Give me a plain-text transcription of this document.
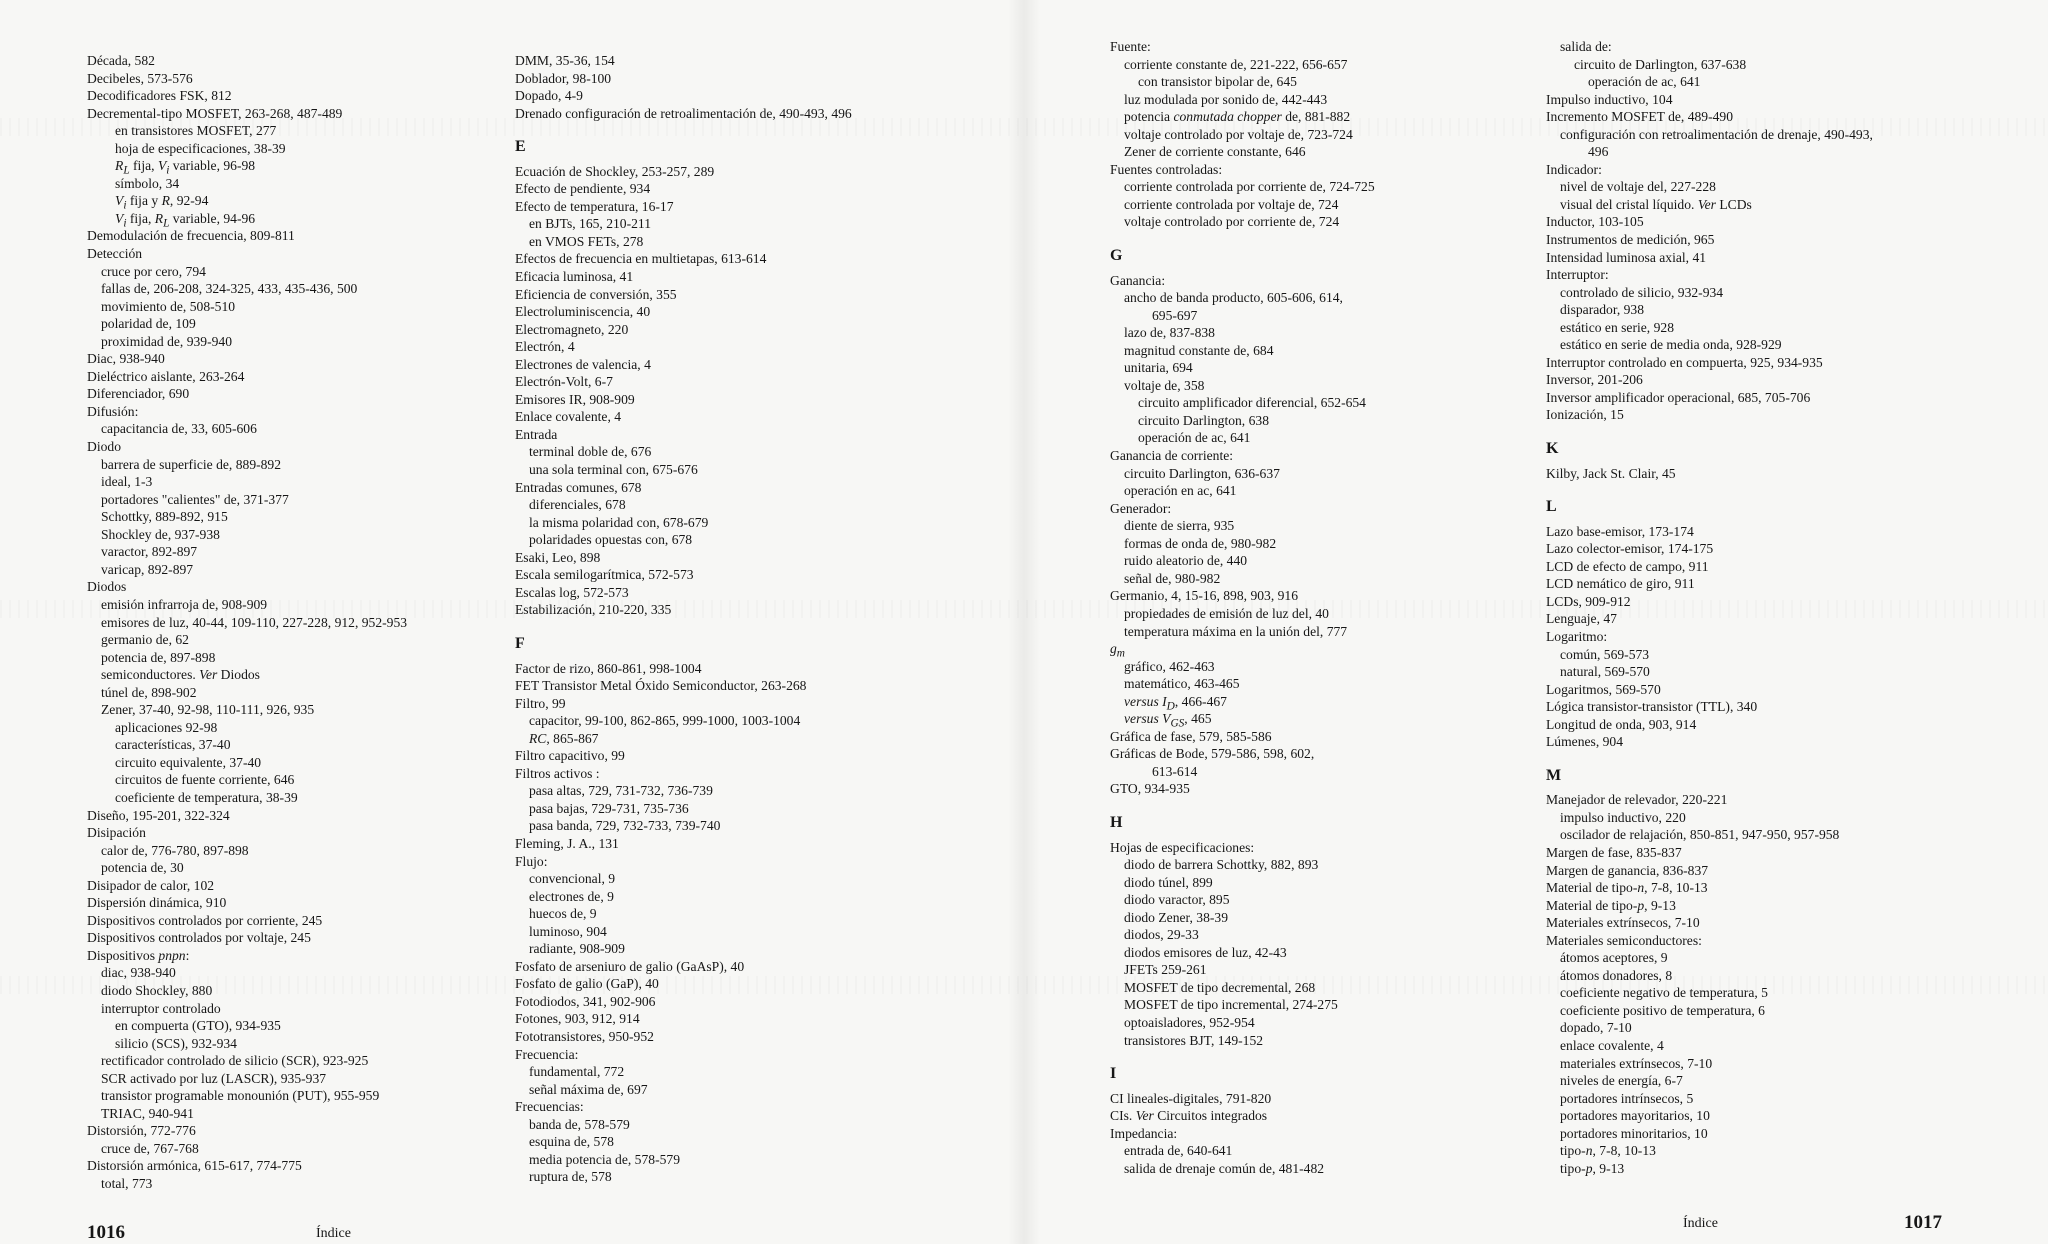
Década, 582
Decibeles, 573-576
Decodificadores FSK, 812
Decremental-tipo MOSFET, 263-268, 487-489
en transistores MOSFET, 277
hoja de especificaciones, 38-39
$R_L$ fija, $V_i$ variable, 96-98
símbolo, 34
$V_i$ fija y R, 92-94
$V_i$ fija, $R_L$ variable, 94-96
Demodulación de frecuencia, 809-811
Detección
cruce por cero, 794
fallas de, 206-208, 324-325, 433, 435-436, 500
movimiento de, 508-510
polaridad de, 109
proximidad de, 939-940
Diac, 938-940
Dieléctrico aislante, 263-264
Diferenciador, 690
Difusión:
capacitancia de, 33, 605-606
Diodo
barrera de superficie de, 889-892
ideal, 1-3
portadores "calientes" de, 371-377
Schottky, 889-892, 915
Shockley de, 937-938
varactor, 892-897
varicap, 892-897
Diodos
emisión infrarroja de, 908-909
emisores de luz, 40-44, 109-110, 227-228, 912, 952-953
germanio de, 62
potencia de, 897-898
semiconductores. Ver Diodos
túnel de, 898-902
Zener, 37-40, 92-98, 110-111, 926, 935
aplicaciones 92-98
características, 37-40
circuito equivalente, 37-40
circuitos de fuente corriente, 646
coeficiente de temperatura, 38-39
Diseño, 195-201, 322-324
Disipación
calor de, 776-780, 897-898
potencia de, 30
Disipador de calor, 102
Dispersión dinámica, 910
Dispositivos controlados por corriente, 245
Dispositivos controlados por voltaje, 245
Dispositivos pnpn:
diac, 938-940
diodo Shockley, 880
interruptor controlado
en compuerta (GTO), 934-935
silicio (SCS), 932-934
rectificador controlado de silicio (SCR), 923-925
SCR activado por luz (LASCR), 935-937
transistor programable monounión (PUT), 955-959
TRIAC, 940-941
Distorsión, 772-776
cruce de, 767-768
Distorsión armónica, 615-617, 774-775
total, 773
DMM, 35-36, 154
Doblador, 98-100
Dopado, 4-9
Drenado configuración de retroalimentación de, 490-493, 496
E
Ecuación de Shockley, 253-257, 289
Efecto de pendiente, 934
Efecto de temperatura, 16-17
en BJTs, 165, 210-211
en VMOS FETs, 278
Efectos de frecuencia en multietapas, 613-614
Eficacia luminosa, 41
Eficiencia de conversión, 355
Electroluminiscencia, 40
Electromagneto, 220
Electrón, 4
Electrones de valencia, 4
Electrón-Volt, 6-7
Emisores IR, 908-909
Enlace covalente, 4
Entrada
terminal doble de, 676
una sola terminal con, 675-676
Entradas comunes, 678
diferenciales, 678
la misma polaridad con, 678-679
polaridades opuestas con, 678
Esaki, Leo, 898
Escala semilogarítmica, 572-573
Escalas log, 572-573
Estabilización, 210-220, 335
F
Factor de rizo, 860-861, 998-1004
FET Transistor Metal Óxido Semiconductor, 263-268
Filtro, 99
capacitor, 99-100, 862-865, 999-1000, 1003-1004
RC, 865-867
Filtro capacitivo, 99
Filtros activos :
pasa altas, 729, 731-732, 736-739
pasa bajas, 729-731, 735-736
pasa banda, 729, 732-733, 739-740
Fleming, J. A., 131
Flujo:
convencional, 9
electrones de, 9
huecos de, 9
luminoso, 904
radiante, 908-909
Fosfato de arseniuro de galio (GaAsP), 40
Fosfato de galio (GaP), 40
Fotodiodos, 341, 902-906
Fotones, 903, 912, 914
Fototransistores, 950-952
Frecuencia:
fundamental, 772
señal máxima de, 697
Frecuencias:
banda de, 578-579
esquina de, 578
media potencia de, 578-579
ruptura de, 578
1016	Índice
Fuente:
corriente constante de, 221-222, 656-657
con transistor bipolar de, 645
luz modulada por sonido de, 442-443
potencia conmutada chopper de, 881-882
voltaje controlado por voltaje de, 723-724
Zener de corriente constante, 646
Fuentes controladas:
corriente controlada por corriente de, 724-725
corriente controlada por voltaje de, 724
voltaje controlado por corriente de, 724
G
Ganancia:
ancho de banda producto, 605-606, 614,
695-697
lazo de, 837-838
magnitud constante de, 684
unitaria, 694
voltaje de, 358
circuito amplificador diferencial, 652-654
circuito Darlington, 638
operación de ac, 641
Ganancia de corriente:
circuito Darlington, 636-637
operación en ac, 641
Generador:
diente de sierra, 935
formas de onda de, 980-982
ruido aleatorio de, 440
señal de, 980-982
Germanio, 4, 15-16, 898, 903, 916
propiedades de emisión de luz del, 40
temperatura máxima en la unión del, 777
$g_m$
gráfico, 462-463
matemático, 463-465
versus $I_D$, 466-467
versus $V_{GS}$, 465
Gráfica de fase, 579, 585-586
Gráficas de Bode, 579-586, 598, 602,
613-614
GTO, 934-935
H
Hojas de especificaciones:
diodo de barrera Schottky, 882, 893
diodo túnel, 899
diodo varactor, 895
diodo Zener, 38-39
diodos, 29-33
diodos emisores de luz, 42-43
JFETs 259-261
MOSFET de tipo decremental, 268
MOSFET de tipo incremental, 274-275
optoaisladores, 952-954
transistores BJT, 149-152
I
CI lineales-digitales, 791-820
CIs. Ver Circuitos integrados
Impedancia:
entrada de, 640-641
salida de drenaje común de, 481-482
salida de:
circuito de Darlington, 637-638
operación de ac, 641
Impulso inductivo, 104
Incremento MOSFET de, 489-490
configuración con retroalimentación de drenaje, 490-493,
496
Indicador:
nivel de voltaje del, 227-228
visual del cristal líquido. Ver LCDs
Inductor, 103-105
Instrumentos de medición, 965
Intensidad luminosa axial, 41
Interruptor:
controlado de silicio, 932-934
disparador, 938
estático en serie, 928
estático en serie de media onda, 928-929
Interruptor controlado en compuerta, 925, 934-935
Inversor, 201-206
Inversor amplificador operacional, 685, 705-706
Ionización, 15
K
Kilby, Jack St. Clair, 45
L
Lazo base-emisor, 173-174
Lazo colector-emisor, 174-175
LCD de efecto de campo, 911
LCD nemático de giro, 911
LCDs, 909-912
Lenguaje, 47
Logaritmo:
común, 569-573
natural, 569-570
Logaritmos, 569-570
Lógica transistor-transistor (TTL), 340
Longitud de onda, 903, 914
Lúmenes, 904
M
Manejador de relevador, 220-221
impulso inductivo, 220
oscilador de relajación, 850-851, 947-950, 957-958
Margen de fase, 835-837
Margen de ganancia, 836-837
Material de tipo-n, 7-8, 10-13
Material de tipo-p, 9-13
Materiales extrínsecos, 7-10
Materiales semiconductores:
átomos aceptores, 9
átomos donadores, 8
coeficiente negativo de temperatura, 5
coeficiente positivo de temperatura, 6
dopado, 7-10
enlace covalente, 4
materiales extrínsecos, 7-10
niveles de energía, 6-7
portadores intrínsecos, 5
portadores mayoritarios, 10
portadores minoritarios, 10
tipo-n, 7-8, 10-13
tipo-p, 9-13
Índice	1017
